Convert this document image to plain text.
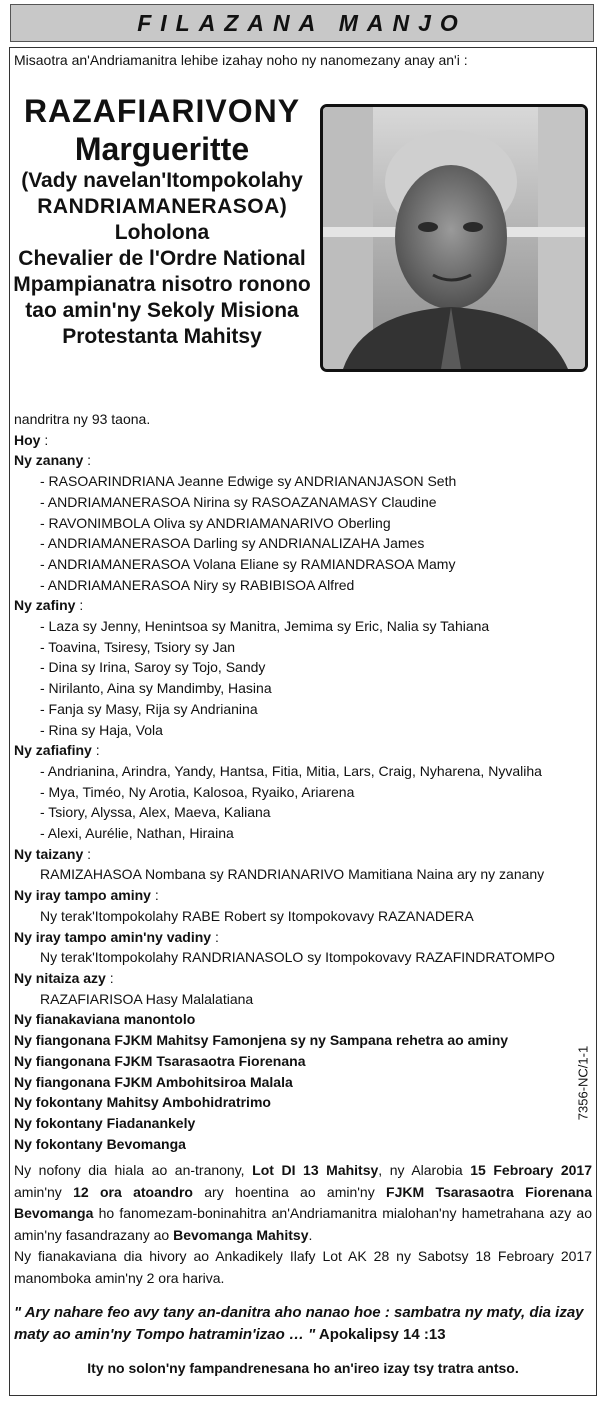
FILAZANA MANJO
Misaotra an'Andriamanitra lehibe izahay noho ny nanomezany anay an'i :
RAZAFIARIVONY
Margueritte
(Vady navelan'Itompokolahy
RANDRIAMANERASOA)
Loholona
Chevalier de l'Ordre National
Mpampianatra nisotro ronono
tao amin'ny Sekoly Misiona
Protestanta Mahitsy
nandritra ny 93 taona.
Hoy :
Ny zanany :
- RASOARINDRIANA Jeanne Edwige sy ANDRIANANJASON Seth
- ANDRIAMANERASOA Nirina sy RASOAZANAMASY Claudine
- RAVONIMBOLA Oliva sy ANDRIAMANARIVO Oberling
- ANDRIAMANERASOA Darling sy ANDRIANALIZAHA James
- ANDRIAMANERASOA Volana Eliane sy RAMIANDRASOA Mamy
- ANDRIAMANERASOA Niry sy RABIBISOA Alfred
Ny zafiny :
- Laza sy Jenny, Henintsoa sy Manitra, Jemima sy Eric, Nalia sy Tahiana
- Toavina, Tsiresy, Tsiory sy Jan
- Dina sy Irina, Saroy sy Tojo, Sandy
- Nirilanto, Aina sy Mandimby, Hasina
- Fanja sy Masy, Rija sy Andrianina
- Rina sy Haja, Vola
Ny zafiafiny :
- Andrianina, Arindra, Yandy, Hantsa, Fitia, Mitia, Lars, Craig, Nyharena, Nyvaliha
- Mya, Timéo, Ny Arotia, Kalosoa, Ryaiko, Ariarena
- Tsiory, Alyssa, Alex, Maeva, Kaliana
- Alexi, Aurélie, Nathan, Hiraina
Ny taizany :
RAMIZAHASOA Nombana sy RANDRIANARIVO Mamitiana Naina ary ny zanany
Ny iray tampo aminy :
Ny terak'Itompokolahy RABE Robert sy Itompokovavy RAZANADERA
Ny iray tampo amin'ny vadiny :
Ny terak'Itompokolahy RANDRIANASOLO sy Itompokovavy RAZAFINDRATOMPO
Ny nitaiza azy :
RAZAFIARISOA Hasy Malalatiana
Ny fianakaviana manontolo
Ny fiangonana FJKM Mahitsy Famonjena sy ny Sampana rehetra ao aminy
Ny fiangonana FJKM Tsarasaotra Fiorenana
Ny fiangonana FJKM Ambohitsiroa Malala
Ny fokontany Mahitsy Ambohidratrimo
Ny fokontany Fiadanankely
Ny fokontany Bevomanga
7356-NC/1-1
Ny nofony dia hiala ao an-tranony, Lot DI 13 Mahitsy, ny Alarobia 15 Febroary 2017 amin'ny 12 ora atoandro ary hoentina ao amin'ny FJKM Tsarasaotra Fiorenana Bevomanga ho fanomezam-boninahitra an'Andriamanitra mialohan'ny hametrahana azy ao amin'ny fasandrazany ao Bevomanga Mahitsy.
Ny fianakaviana dia hivory ao Ankadikely Ilafy Lot AK 28 ny Sabotsy 18 Febroary 2017 manomboka amin'ny 2 ora hariva.
" Ary nahare feo avy tany an-danitra aho nanao hoe : sambatra ny maty, dia izay maty ao amin'ny Tompo hatramin'izao … " Apokalipsy 14 :13
Ity no solon'ny fampandrenesana ho an'ireo izay tsy tratra antso.
